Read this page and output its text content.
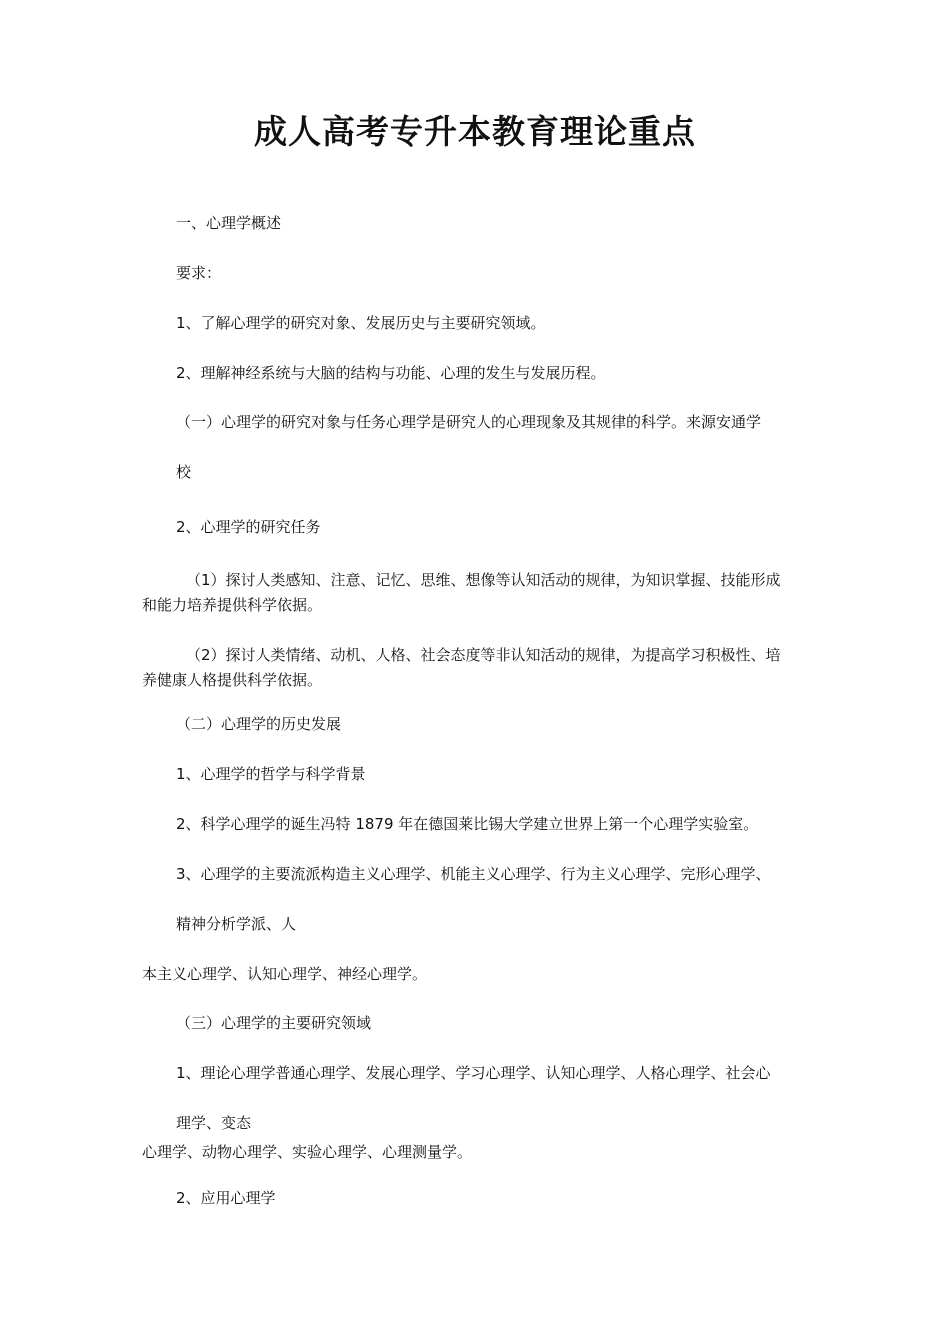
成人高考专升本教育理论重点
一、心理学概述
要求：
1、了解心理学的研究对象、发展历史与主要研究领域。
2、理解神经系统与大脑的结构与功能、心理的发生与发展历程。
（一）心理学的研究对象与任务心理学是研究人的心理现象及其规律的科学。来源安通学
校
2、心理学的研究任务
（1）探讨人类感知、注意、记忆、思维、想像等认知活动的规律，为知识掌握、技能形成
和能力培养提供科学依据。
（2）探讨人类情绪、动机、人格、社会态度等非认知活动的规律，为提高学习积极性、培
养健康人格提供科学依据。
（二）心理学的历史发展
1、心理学的哲学与科学背景
2、科学心理学的诞生冯特 1879 年在德国莱比锡大学建立世界上第一个心理学实验室。
3、心理学的主要流派构造主义心理学、机能主义心理学、行为主义心理学、完形心理学、
精神分析学派、人
本主义心理学、认知心理学、神经心理学。
（三）心理学的主要研究领域
1、理论心理学普通心理学、发展心理学、学习心理学、认知心理学、人格心理学、社会心
理学、变态
心理学、动物心理学、实验心理学、心理测量学。
2、应用心理学
